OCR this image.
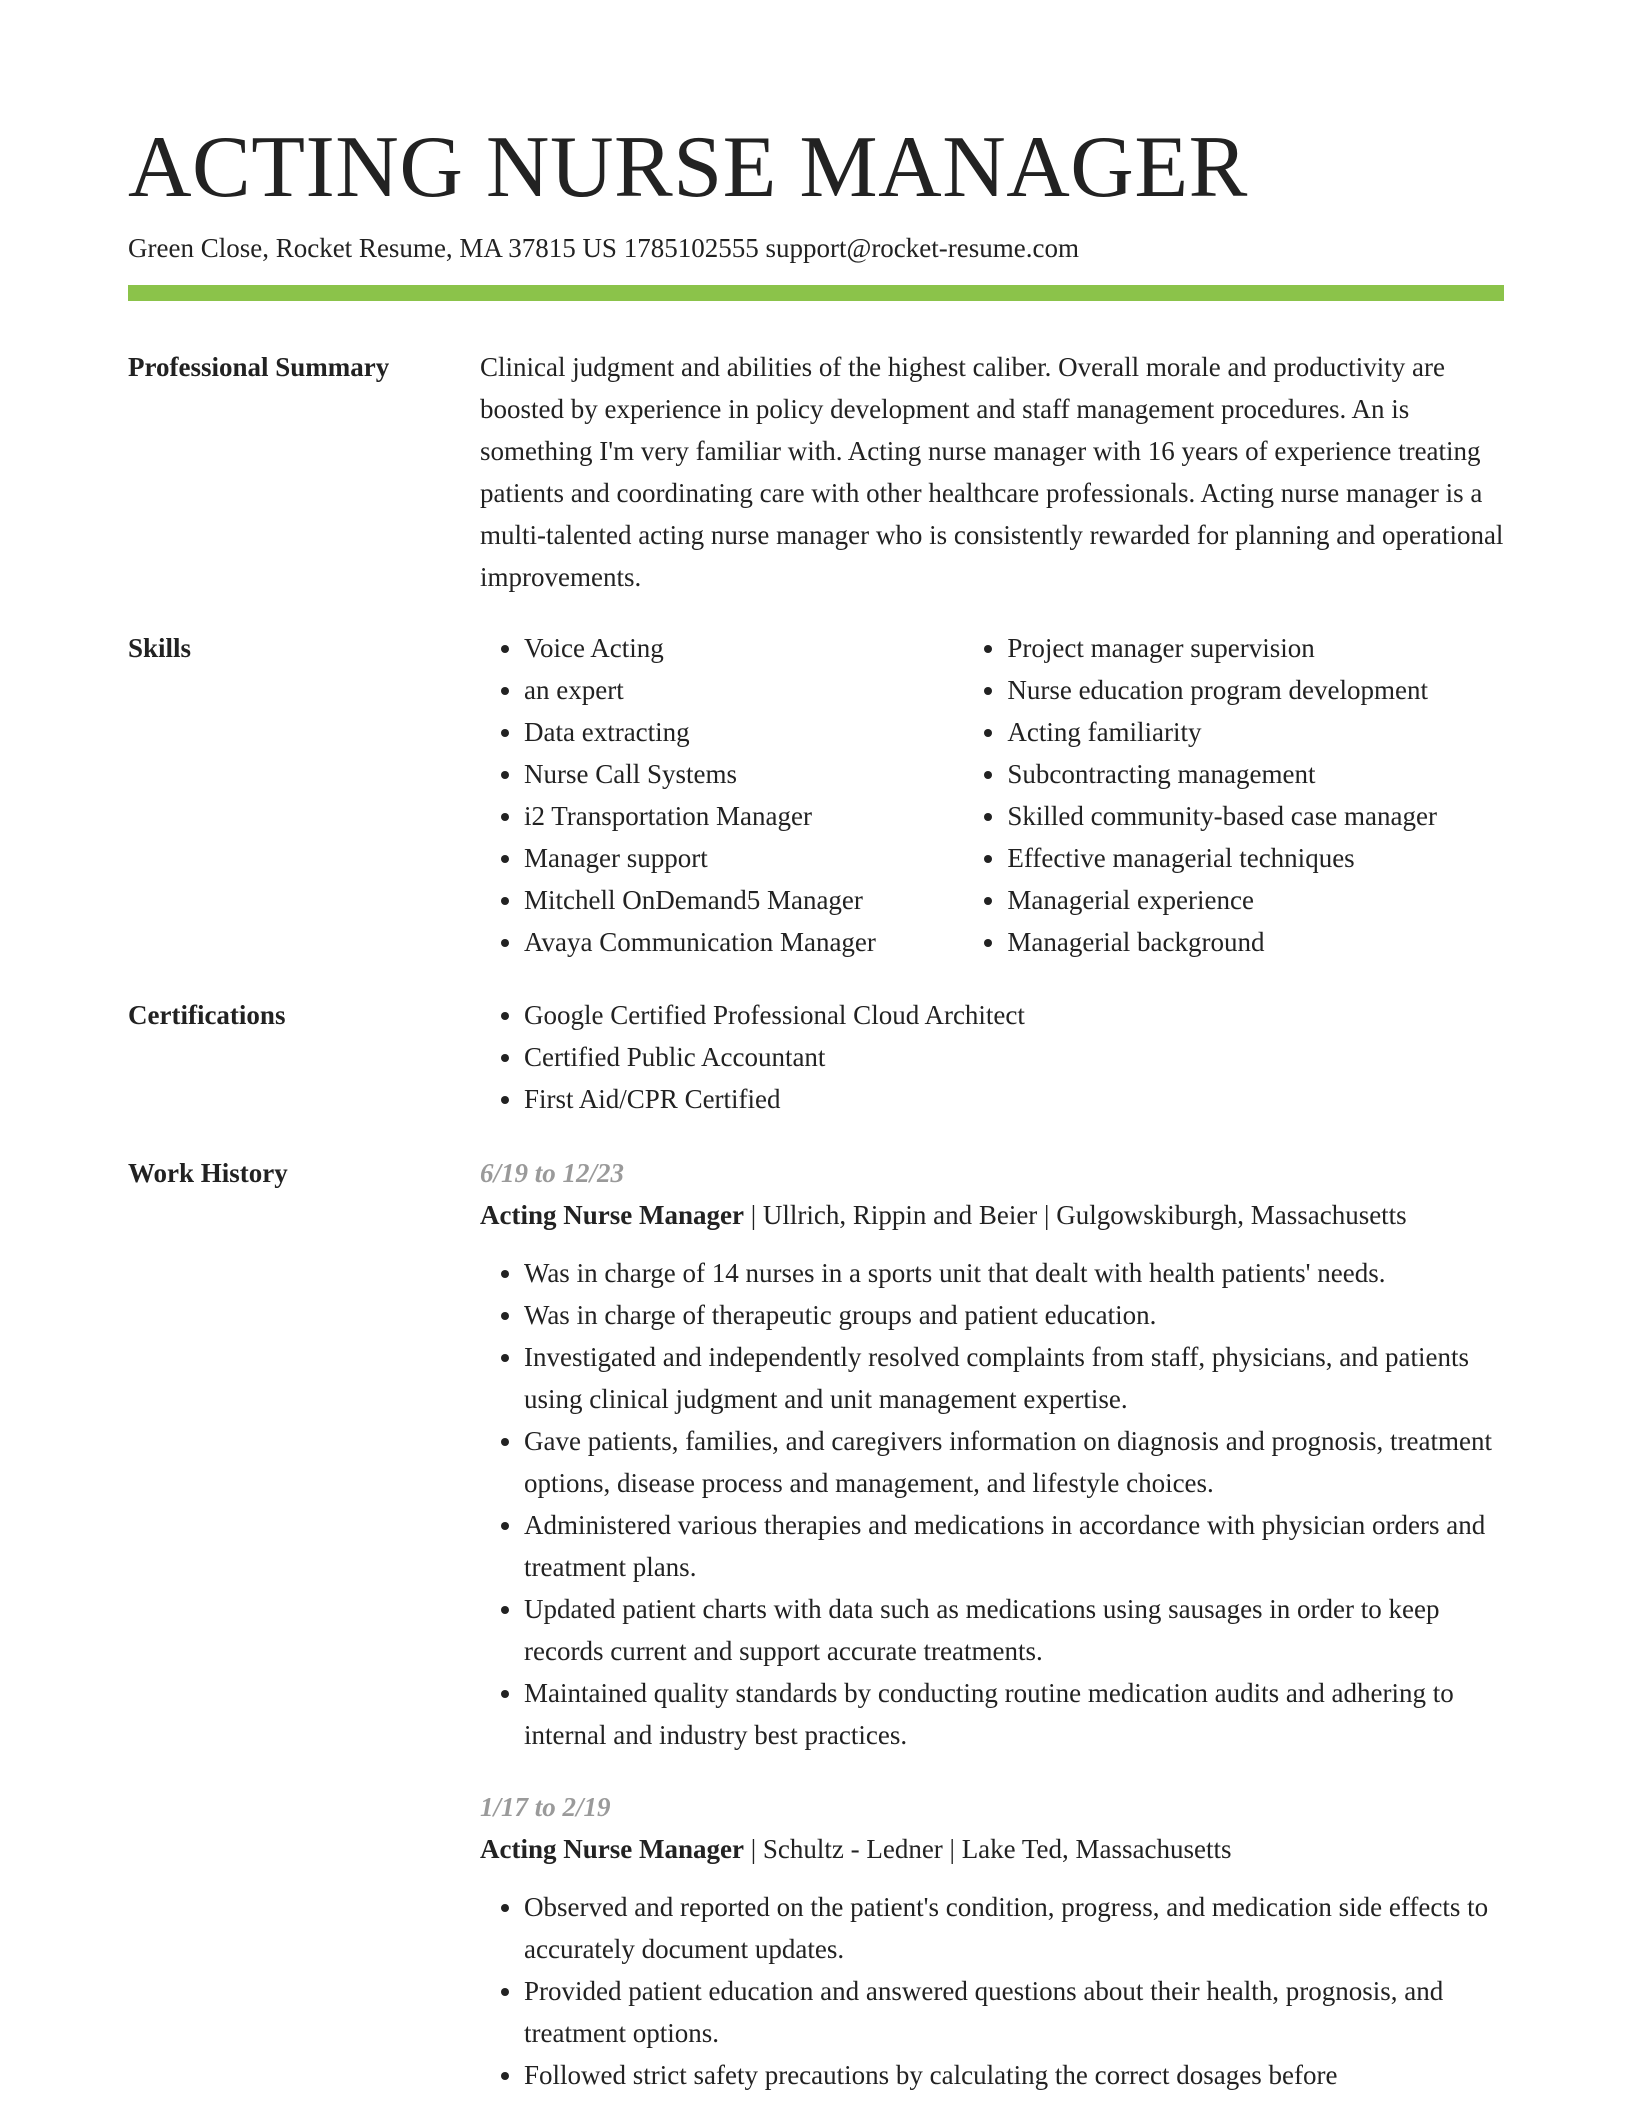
ACTING NURSE MANAGER
Green Close, Rocket Resume, MA 37815 US 1785102555 support@rocket-resume.com
Professional Summary	Clinical judgment and abilities of the highest caliber. Overall morale and productivity are boosted by experience in policy development and staff management procedures. An is something I'm very familiar with. Acting nurse manager with 16 years of experience treating patients and coordinating care with other healthcare professionals. Acting nurse manager is a multi-talented acting nurse manager who is consistently rewarded for planning and operational improvements.

Skills	• Voice Acting
• an expert
• Data extracting
• Nurse Call Systems
• i2 Transportation Manager
• Manager support
• Mitchell OnDemand5 Manager
• Avaya Communication Manager
• Project manager supervision
• Nurse education program development
• Acting familiarity
• Subcontracting management
• Skilled community-based case manager
• Effective managerial techniques
• Managerial experience
• Managerial background
Certifications	• Google Certified Professional Cloud Architect
• Certified Public Accountant
• First Aid/CPR Certified
Work History	6/19 to 12/23
Acting Nurse Manager | Ullrich, Rippin and Beier | Gulgowskiburgh, Massachusetts
• Was in charge of 14 nurses in a sports unit that dealt with health patients' needs.
• Was in charge of therapeutic groups and patient education.
• Investigated and independently resolved complaints from staff, physicians, and patients using clinical judgment and unit management expertise.
• Gave patients, families, and caregivers information on diagnosis and prognosis, treatment options, disease process and management, and lifestyle choices.
• Administered various therapies and medications in accordance with physician orders and treatment plans.
• Updated patient charts with data such as medications using sausages in order to keep records current and support accurate treatments.
• Maintained quality standards by conducting routine medication audits and adhering to internal and industry best practices.
1/17 to 2/19
Acting Nurse Manager | Schultz - Ledner | Lake Ted, Massachusetts
• Observed and reported on the patient's condition, progress, and medication side effects to accurately document updates.
• Provided patient education and answered questions about their health, prognosis, and treatment options.
• Followed strict safety precautions by calculating the correct dosages before
